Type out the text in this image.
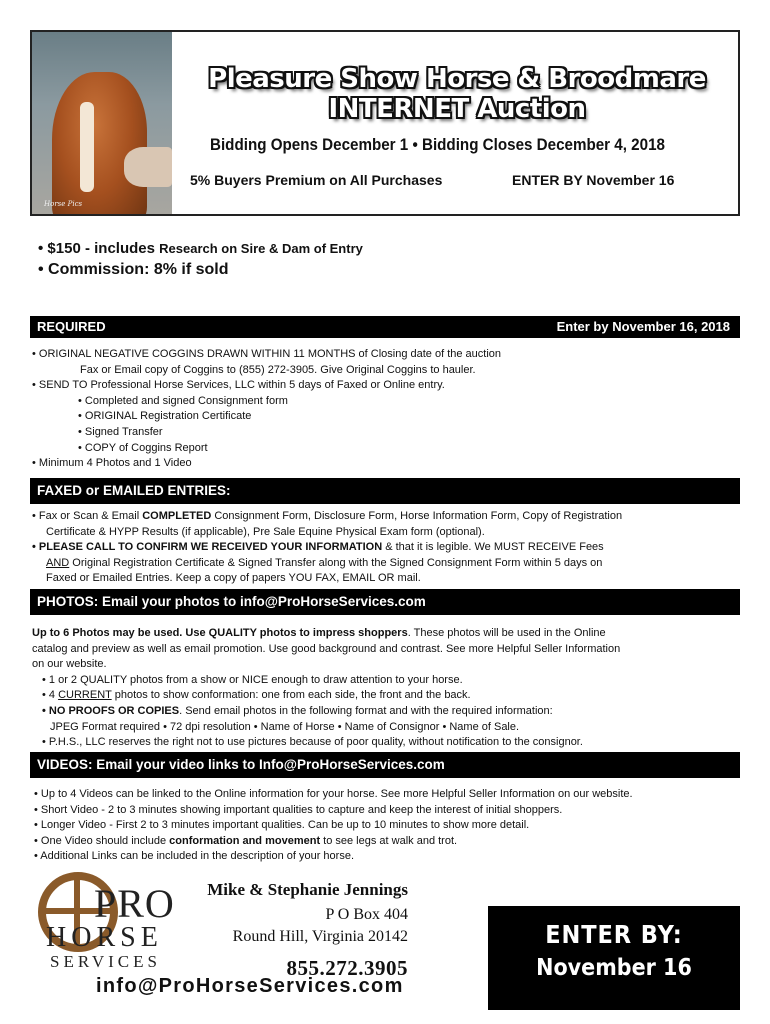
Horse Pics
Pleasure Show Horse & Broodmare INTERNET Auction
Bidding Opens December 1 • Bidding Closes December 4, 2018
5% Buyers Premium on All Purchases	ENTER BY November 16
• $150 - includes Research on Sire & Dam of Entry
• Commission: 8% if sold
REQUIRED	Enter by November 16, 2018
• ORIGINAL NEGATIVE COGGINS DRAWN WITHIN 11 MONTHS of Closing date of the auction
Fax or Email copy of Coggins to (855) 272-3905. Give Original Coggins to hauler.
• SEND TO Professional Horse Services, LLC within 5 days of Faxed or Online entry.
• Completed and signed Consignment form
• ORIGINAL Registration Certificate
• Signed Transfer
• COPY of Coggins Report
• Minimum 4 Photos and 1 Video
FAXED or EMAILED ENTRIES:
• Fax or Scan & Email COMPLETED Consignment Form, Disclosure Form, Horse Information Form, Copy of Registration
Certificate & HYPP Results (if applicable), Pre Sale Equine Physical Exam form (optional).
• PLEASE CALL TO CONFIRM WE RECEIVED YOUR INFORMATION & that it is legible. We MUST RECEIVE Fees
AND Original Registration Certificate & Signed Transfer along with the Signed Consignment Form within 5 days on
Faxed or Emailed Entries. Keep a copy of papers YOU FAX, EMAIL OR mail.
PHOTOS: Email your photos to info@ProHorseServices.com
Up to 6 Photos may be used. Use QUALITY photos to impress shoppers. These photos will be used in the Online
catalog and preview as well as email promotion. Use good background and contrast. See more Helpful Seller Information
on our website.
• 1 or 2 QUALITY photos from a show or NICE enough to draw attention to your horse.
• 4 CURRENT photos to show conformation: one from each side, the front and the back.
• NO PROOFS OR COPIES. Send email photos in the following format and with the required information:
JPEG Format required • 72 dpi resolution • Name of Horse • Name of Consignor • Name of Sale.
• P.H.S., LLC reserves the right not to use pictures because of poor quality, without notification to the consignor.
VIDEOS: Email your video links to Info@ProHorseServices.com
• Up to 4 Videos can be linked to the Online information for your horse. See more Helpful Seller Information on our website.
• Short Video - 2 to 3 minutes showing important qualities to capture and keep the interest of initial shoppers.
• Longer Video - First 2 to 3 minutes important qualities. Can be up to 10 minutes to show more detail.
• One Video should include conformation and movement to see legs at walk and trot.
• Additional Links can be included in the description of your horse.
PRO
HORSE
SERVICES
Mike & Stephanie Jennings
P O Box 404
Round Hill, Virginia 20142
855.272.3905
info@ProHorseServices.com
ENTER BY:
November 16
